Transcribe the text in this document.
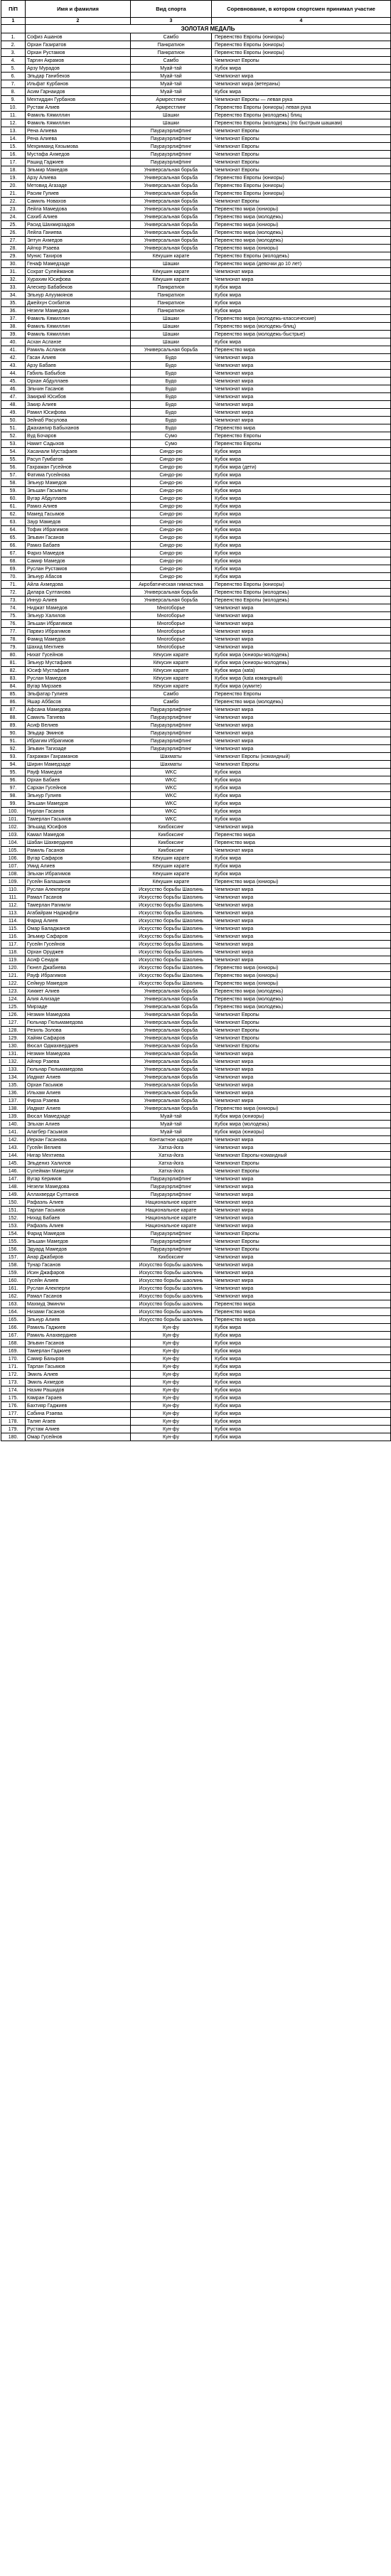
П/П	Имя и фамилия	Вид спорта	Соревнование, в котором спортсмен принимал участие
1	2	3	4
	ЗОЛОТАЯ МЕДАЛЬ		
1.	Софиз Ашанов	Самбо	Первенство Европы (юниоры)
2.	Орхан Газиратов	Панкратион	Первенство Европы (юниоры)
3.	Орхан Рустамов	Панкратион	Первенство Европы (юниоры)
4.	Таргин Акрамов	Самбо	Чемпионат Европы
5.	Арзу Мурадов	Муай-тай	Кубок мира
6.	Эльдар Ганибеков	Муай-тай	Чемпионат мира
7.	Ильфат Курбанов	Муай-тай	Чемпионат мира (ветераны)
8.	Асим Гарнаидов	Муай-тай	Кубок мира
9.	Мехтиддин Гурбанов	Армрестлинг	Чемпионат Европы — левая рука
10.	Рустам Алиев	Армрестлинг	Первенство Европы (юниоры) левая рука
11.	Фамиль Кямиллин	Шашки	Первенство Европы (молодежь) блиц
12.	Фамиль Кямиллин	Шашки	Первенство Европы (молодежь) (по быстрым шашкам)
13.	Рена Алиева	Паурауэрлифтинг	Чемпионат Европы
14.	Рена Алиева	Паурауэрлифтинг	Чемпионат Европы
15.	Мехриманд Кязымова	Паурауэрлифтинг	Чемпионат Европы
16.	Мустафа Ахмедов	Паурауэрлифтинг	Чемпионат Европы
17.	Рашид Гаджиев	Паурауэрлифтинг	Чемпионат Европы
18.	Эльмир Мамедов	Универсальная борьба	Чемпионат Европы
19.	Арзу Алиева	Универсальная борьба	Первенство Европы (юниоры)
20.	Метовид Агазаде	Универсальная борьба	Первенство Европы (юниоры)
21.	Расим Гулиев	Универсальная борьба	Первенство Европы (юниоры)
22.	Самиль Новахов	Универсальная борьба	Чемпионат Европы
23.	Лейла Мамедова	Универсальная борьба	Первенство мира (юниоры)
24.	Сахиб Алиев	Универсальная борьба	Первенство мира (молодежь)
25.	Расид Шахмирзадов	Универсальная борьба	Первенство мира (юниоры)
26.	Лейла Ганиева	Универсальная борьба	Первенство мира (молодежь)
27.	Элтун Ахмедов	Универсальная борьба	Первенство мира (молодежь)
28.	Айгюр Рзаева	Универсальная борьба	Первенство мира (юниоры)
29.	Мунис Тахиров	Кёкушин карате	Первенство Европы (молодежь)
30.	Генаф Мамедзаде	Шашки	Первенство мира (девочки до 10 лет)
31.	Сохрат Сулейманов	Кёкушин карате	Чемпионат мира
32.	Хурахим Юсифова	Кёкушин карате	Чемпионат мира
33.	Алескер Бабабеков	Панкратион	Кубок мира
34.	Эльнур Алуумкянов	Панкратион	Кубок мира
35.	Джейхун Сохбатов	Панкратион	Кубок мира
36.	Незели Мамедова	Панкратион	Кубок мира
37.	Фамиль Кямиллин	Шашки	Первенство мира (молодежь-классические)
38.	Фамиль Кямиллин	Шашки	Первенство мира (молодежь-блиц)
39.	Фамиль Кямиллин	Шашки	Первенство мира (молодежь-быстрые)
40.	Асхан Асланзе	Шашки	Кубок мира
41.	Рамиль Асланов	Универсальная борьба	Первенство мира
42.	Гасан Алиев	Будо	Чемпионат мира
43.	Арзу Бабаев	Будо	Чемпионат мира
44.	Габиль Бабыбов	Будо	Чемпионат мира
45.	Орхан Абдуллаев	Будо	Чемпионат мира
46.	Эльчин Гасанов	Будо	Чемпионат мира
47.	Закирий Юсибов	Будо	Чемпионат мира
48.	Закир Алиев	Будо	Чемпионат мира
49.	Рамил Юсифова	Будо	Чемпионат мира
50.	Зейнаб Расулова	Будо	Чемпионат мира
51.	Джахангир Бабыханов	Будо	Первенство мира
52.	Вуд Бочаров	Сумо	Первенство Европы
53.	Намит Садыхов	Сумо	Первенство Европы
54.	Хасанали Мустафаев	Синдо-рю	Кубок мира
55.	Расул Гумбатов	Синдо-рю	Кубок мира
56.	Гахраман Гусейнов	Синдо-рю	Кубок мира (дети)
57.	Фатима Гусейнова	Синдо-рю	Кубок мира
58.	Эльнур Мамедов	Синдо-рю	Кубок мира
59.	Эльшан Гасымлы	Синдо-рю	Кубок мира
60.	Вугар Абдуллаев	Синдо-рю	Кубок мира
61.	Рамиз Алиев	Синдо-рю	Кубок мира
62.	Мамед Гасымов	Синдо-рю	Кубок мира
63.	Заур Мамедов	Синдо-рю	Кубок мира
64.	Тофик Ибрагимов	Синдо-рю	Кубок мира
65.	Эльвин Гасанов	Синдо-рю	Кубок мира
66.	Рамиз Бабаев	Синдо-рю	Кубок мира
67.	Фариз Мамедов	Синдо-рю	Кубок мира
68.	Самир Мамедов	Синдо-рю	Кубок мира
69.	Руслан Рустамов	Синдо-рю	Кубок мира
70.	Эльнур Абасов	Синдо-рю	Кубок мира
71.	Айла Ахмедова	Акробатическая гимнастика	Первенство Европы (юниоры)
72.	Дилара Султанова	Универсальная борьба	Первенство Европы (молодежь)
73.	Иннур Алиев	Универсальная борьба	Первенство Европы (молодежь)
74.	Ниджат Мамедов	Многоборье	Чемпионат мира
75.	Эльнур Халилов	Многоборье	Чемпионат мира
76.	Эльшан Ибрагимов	Многоборье	Чемпионат мира
77.	Парвиз Ибрагимов	Многоборье	Чемпионат мира
78.	Фамид Мамедов	Многоборье	Чемпионат мира
79.	Шахид Мехтиев	Многоборье	Чемпионат мира
80.	Нихат Гусейнов	Кёкусин карате	Кубок мира (юниоры-молодежь)
81.	Эльнур Мустафаев	Кёкусин карате	Кубок мира (юниоры-молодежь)
82.	Юсиф Мустафаев	Кёкусин карате	Кубок мира (кata)
83.	Руслан Мамедов	Кёкусин карате	Кубок мира (kata командный)
84.	Вугар Мирзаев	Кёкусин карате	Кубок мира (кумите)
85.	Эльфатар Гулиев	Самбо	Первенство Европы
86.	Яшар Аббасов	Самбо	Первенство мира (молодежь)
87.	Афсана Мамедова	Паурауэрлифтинг	Чемпионат мира
88.	Самиль Тагиева	Паурауэрлифтинг	Чемпионат мира
89.	Асиф Велиев	Паурауэрлифтинг	Чемпионат мира
90.	Эльдар Эминов	Паурауэрлифтинг	Чемпионат мира
91.	Ибрагим Ибрагимов	Паурауэрлифтинг	Чемпионат мира
92.	Эльвин Тагизаде	Паурауэрлифтинг	Чемпионат мира
93.	Гахраман Гахраманов	Шахматы	Чемпионат Европы (командный)
94.	Ширин Мамедзаде	Шахматы	Чемпионат Европы
95.	Рауф Мамедов	WKC	Кубок мира
96.	Орхан Бабаев	WKC	Кубок мира
97.	Сархан Гусейнов	WKC	Кубок мира
98.	Эльнур Гулиев	WKC	Кубок мира
99.	Эльшан Мамедов	WKC	Кубок мира
100.	Нурлан Гасанов	WKC	Кубок мира
101.	Тамерлан Гасымов	WKC	Кубок мира
102.	Эльшад Юсифов	Кикбоксинг	Чемпионат мира
103.	Камал Мамедов	Кикбоксинг	Первенство мира
104.	Шабан Шахвердиев	Кикбоксинг	Первенство мира
105.	Рамиль Гасанов	Кикбоксинг	Чемпионат мира
106.	Вугар Сафаров	Кёкушин карате	Кубок мира
107.	Умид Алиев	Кёкушин карате	Кубок мира
108.	Эльхан Ибрагимов	Кёкушин карате	Кубок мира
109.	Гусейн Балашанов	Кёкушин карате	Первенство мира (юниоры)
110.	Руслан Алекперли	Искусство борьбы Шаолинь	Чемпионат мира
111.	Рамал Гасанов	Искусство борьбы Шаолинь	Чемпионат мира
112.	Тамерлан Рагимли	Искусство борьбы Шаолинь	Чемпионат мира
113.	Агабайрам Наджафли	Искусство борьбы Шаолинь	Чемпионат мира
114.	Фарид Алиев	Искусство борьбы Шаолинь	Чемпионат мира
115.	Омар Баладжанов	Искусство борьбы Шаолинь	Чемпионат мира
116.	Эльмир Сафаров	Искусство борьбы Шаолинь	Чемпионат мира
117.	Гусейн Гусейнов	Искусство борьбы Шаолинь	Чемпионат мира
118.	Орхан Оруджев	Искусство борьбы Шаолинь	Чемпионат мира
119.	Асиф Сеидов	Искусство борьбы Шаолинь	Чемпионат мира
120.	Гюнел Джабиева	Искусство борьбы Шаолинь	Первенство мира (юниоры)
121.	Рауф Ибрагимов	Искусство борьбы Шаолинь	Первенство мира (юниоры)
122.	Сеймур Мамедов	Искусство борьбы Шаолинь	Первенство мира (юниоры)
123.	Хикмет Алиев	Универсальная борьба	Первенство мира (молодежь)
124.	Алия Ализаде	Универсальная борьба	Первенство мира (молодежь)
125.	Мирзаде	Универсальная борьба	Первенство мира (молодежь)
126.	Незмин Мамедова	Универсальная борьба	Чемпионат Европы
127.	Гюльнар Гюльмамедова	Универсальная борьба	Чемпионат Европы
128.	Резиль Золова	Универсальная борьба	Чемпионат Европы
129.	Хайям Сафаров	Универсальная борьба	Чемпионат Европы
130.	Вюсал Одмахвердиев	Универсальная борьба	Чемпионат Европы
131.	Незмин Мамедова	Универсальная борьба	Чемпионат мира
132.	Айгюр Рзаева	Универсальная борьба	Чемпионат мира
133.	Гюльнар Гюльмамедова	Универсальная борьба	Чемпионат мира
134.	Иадмат Алиев	Универсальная борьба	Чемпионат мира
135.	Орхан Гасымов	Универсальная борьба	Чемпионат мира
136.	Ильхам Алиев	Универсальная борьба	Чемпионат мира
137.	Фирза Рзаева	Универсальная борьба	Чемпионат мира
138.	Иадмат Алиев	Универсальная борьба	Первенство мира (юниоры)
139.	Вюсал Мамедзаде	Муай-тай	Кубок мира (юниоры)
140.	Эльхан Алиев	Муай-тай	Кубок мира (молодежь)
141.	Алагбер Гасымов	Муай-тай	Кубок мира (юниоры)
142.	Иеркан Гасанова	Контактное карате	Чемпионат мира
143.	Гусейн Велиев	Хатха-йога	Чемпионат мира
144.	Нигар Мехтиева	Хатха-йога	Чемпионат Европы-командный
145.	Эльдениз Халилов	Хатха-йога	Чемпионат Европы
146.	Сулейман Мамедли	Хатха-йога	Чемпионат Европы
147.	Вугар Керимов	Паурауэрлифтинг	Чемпионат мира
148.	Незели Мамедова	Паурауэрлифтинг	Чемпионат мира
149.	Аллахверди Султанов	Паурауэрлифтинг	Чемпионат мира
150.	Рафаэль Алиев	Национальное карате	Чемпионат мира
151.	Тарлан Гасымов	Национальное карате	Чемпионат мира
152.	Нихад Бабаев	Национальное карате	Чемпионат мира
153.	Рафаэль Алиев	Национальное карате	Чемпионат мира
154.	Фарид Мамедов	Паурауэрлифтинг	Чемпионат Европы
155.	Эльшан Мамедов	Паурауэрлифтинг	Чемпионат Европы
156.	Эдуард Мамедов	Паурауэрлифтинг	Чемпионат Европы
157.	Анар Джабиров	Кикбоксинг	Чемпионат мира
158.	Тунар Гасанов	Искусство борьбы шаолинь	Чемпионат мира
159.	Исин Джафаров	Искусство борьбы шаолинь	Чемпионат мира
160.	Гусейн Алиев	Искусство борьбы шаолинь	Чемпионат мира
161.	Руслан Алекперли	Искусство борьбы шаолинь	Чемпионат мира
162.	Рамал Гасанов	Искусство борьбы шаолинь	Чемпионат мира
163.	Махмуд Эминли	Искусство борьбы шаолинь	Первенство мира
164.	Низами Гасанов	Искусство борьбы шаолинь	Первенство мира
165.	Эльнур Алиев	Искусство борьбы шаолинь	Первенство мира
166.	Рамиль Гаджиев	Кун-фу	Кубок мира
167.	Рамиль Алахвердиев	Кун-фу	Кубок мира
168.	Эльвин Гасанов	Кун-фу	Кубок мира
169.	Тамерлан Гаджиев	Кун-фу	Кубок мира
170.	Самир Бахыров	Кун-фу	Кубок мира
171.	Тарлан Гасымов	Кун-фу	Кубок мира
172.	Эмиль Алиев	Кун-фу	Кубок мира
173.	Эмиль Ахмедов	Кун-фу	Кубок мира
174.	Назим Рашидов	Кун-фу	Кубок мира
175.	Кямран Гараев	Кун-фу	Кубок мира
176.	Бахтияр Гаджиев	Кун-фу	Кубок мира
177.	Сабина Рзаева	Кун-фу	Кубок мира
178.	Таляп Агаев	Кун-фу	Кубок мира
179.	Рустам Алиев	Кун-фу	Кубок мира
180.	Омар Гусейнов	Кун-фу	Кубок мира
